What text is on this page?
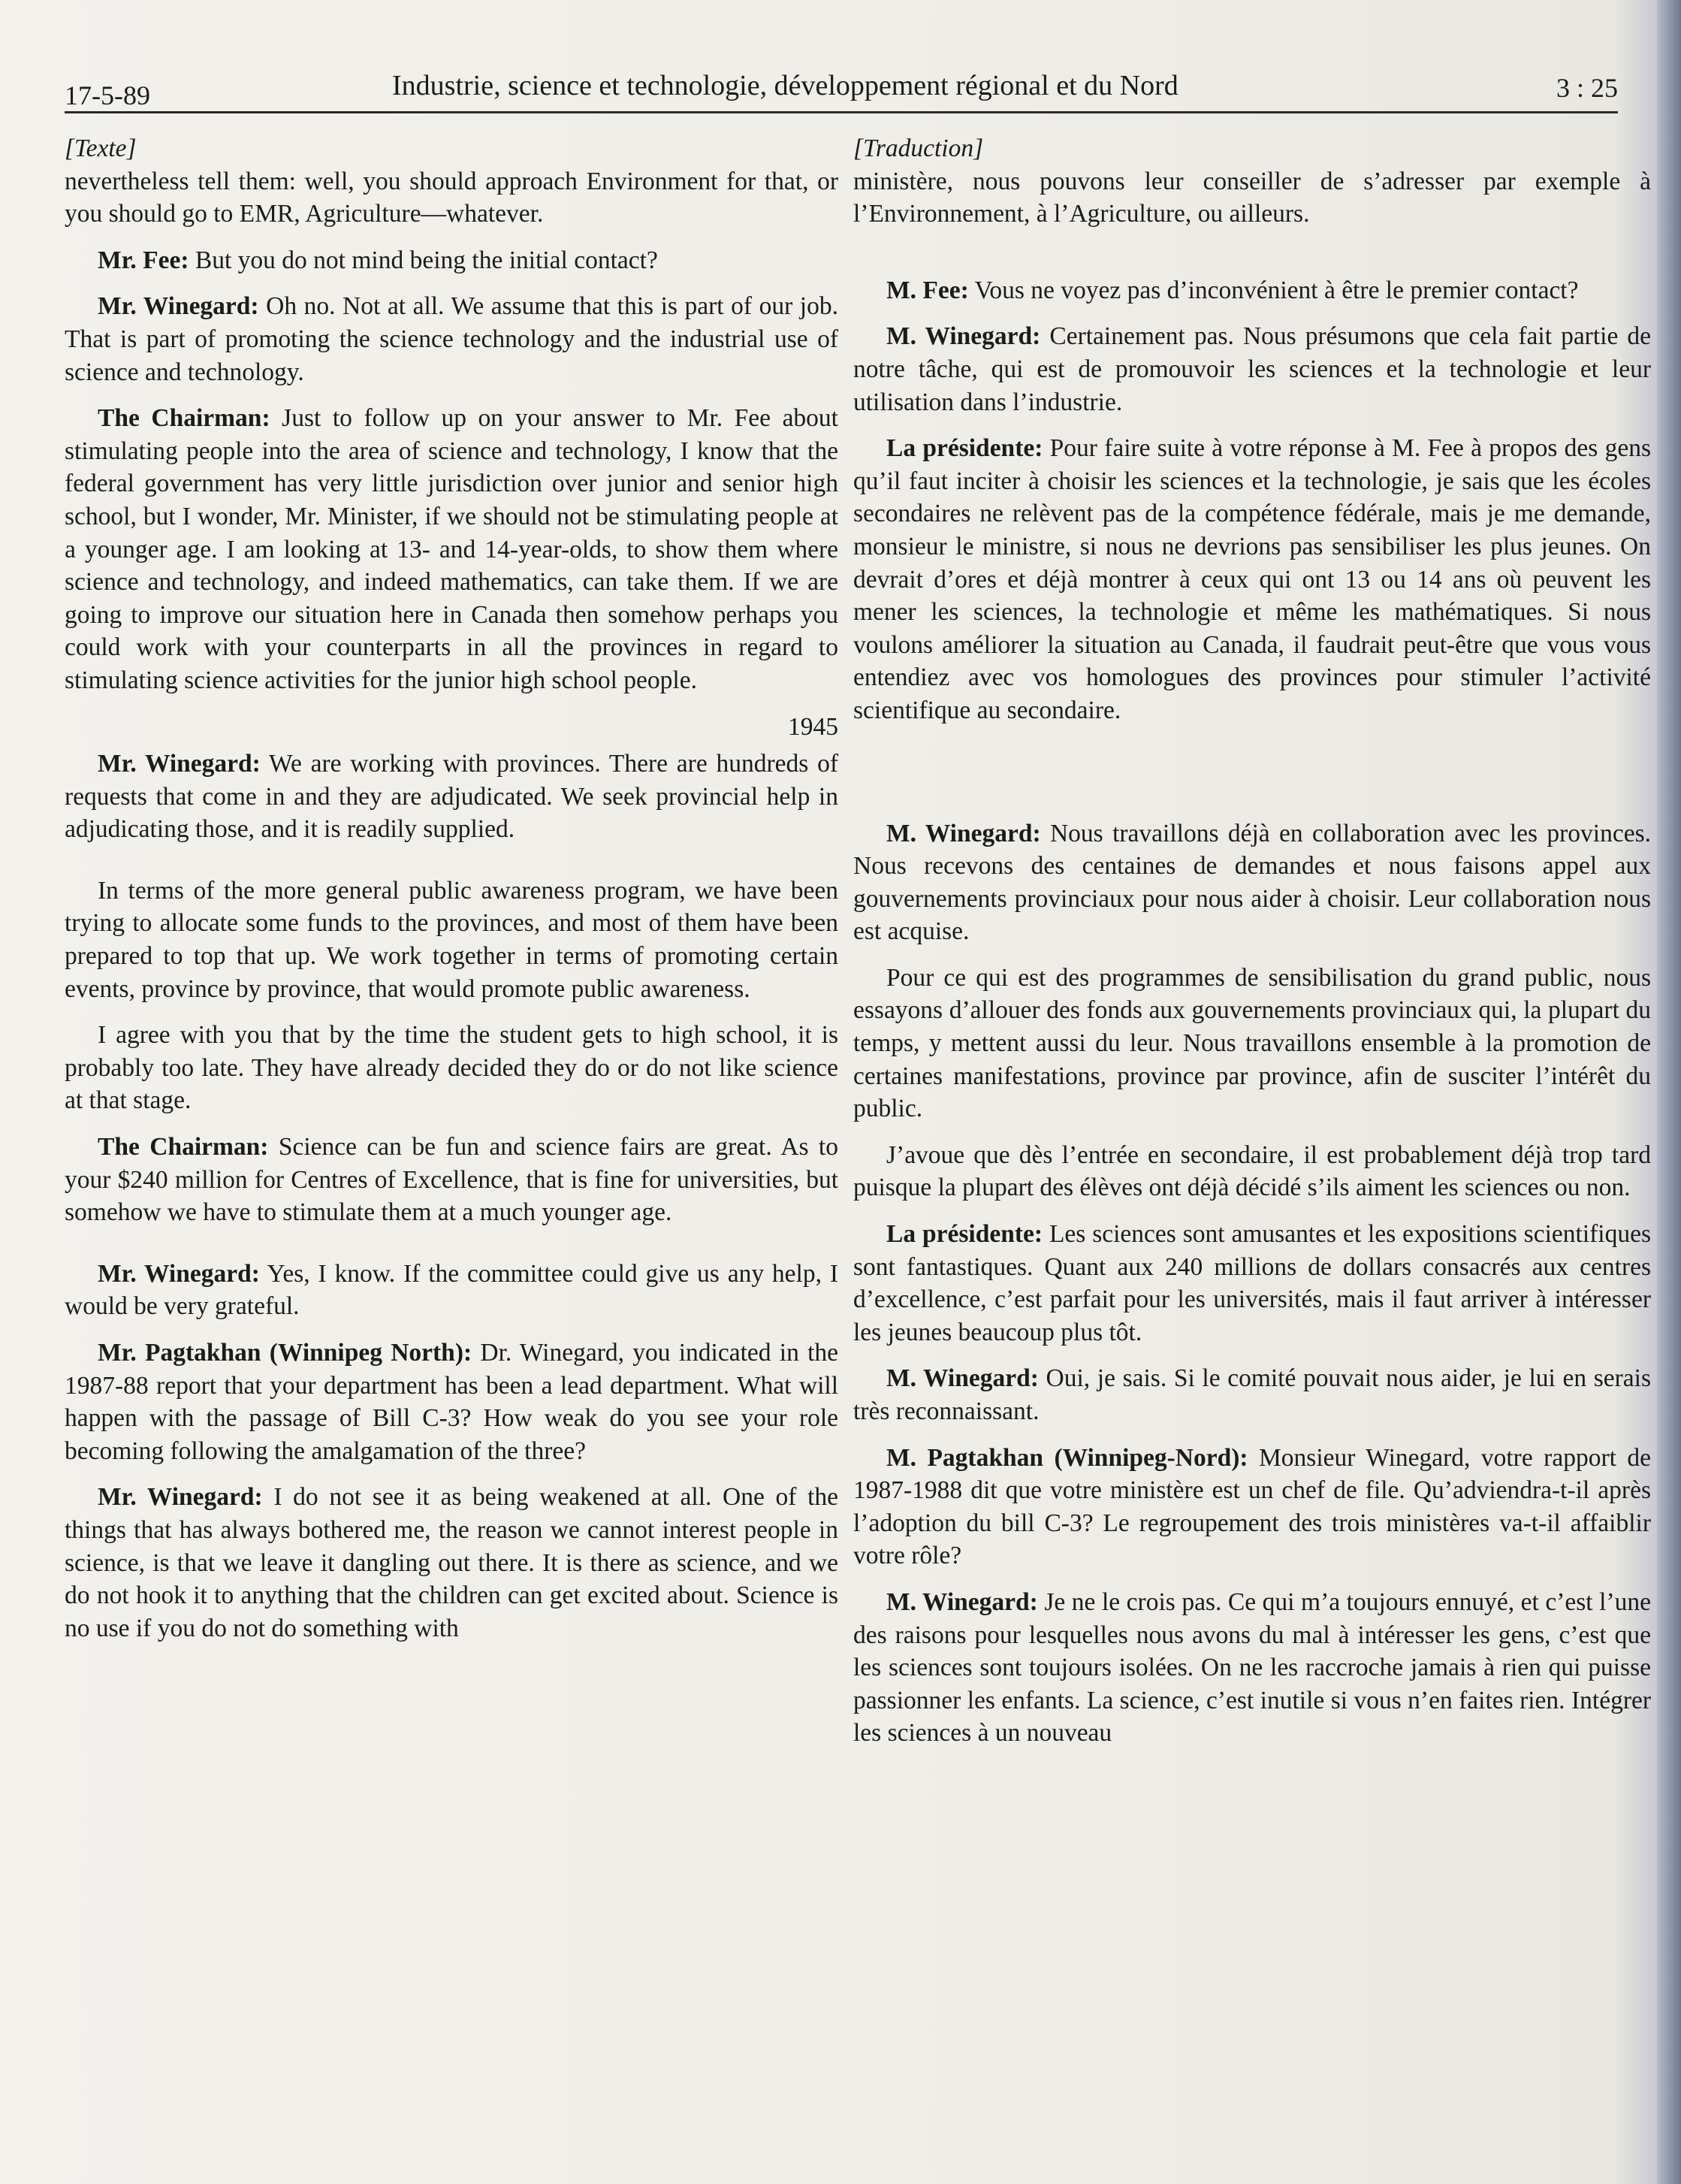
17-5-89	Industrie, science et technologie, développement régional et du Nord	3 : 25

[Texte]

nevertheless tell them: well, you should approach Environment for that, or you should go to EMR, Agriculture—whatever.

Mr. Fee: But you do not mind being the initial contact?

Mr. Winegard: Oh no. Not at all. We assume that this is part of our job. That is part of promoting the science technology and the industrial use of science and technology.

The Chairman: Just to follow up on your answer to Mr. Fee about stimulating people into the area of science and technology, I know that the federal government has very little jurisdiction over junior and senior high school, but I wonder, Mr. Minister, if we should not be stimulating people at a younger age. I am looking at 13- and 14-year-olds, to show them where science and technology, and indeed mathematics, can take them. If we are going to improve our situation here in Canada then somehow perhaps you could work with your counterparts in all the provinces in regard to stimulating science activities for the junior high school people.

1945

Mr. Winegard: We are working with provinces. There are hundreds of requests that come in and they are adjudicated. We seek provincial help in adjudicating those, and it is readily supplied.

In terms of the more general public awareness program, we have been trying to allocate some funds to the provinces, and most of them have been prepared to top that up. We work together in terms of promoting certain events, province by province, that would promote public awareness.

I agree with you that by the time the student gets to high school, it is probably too late. They have already decided they do or do not like science at that stage.

The Chairman: Science can be fun and science fairs are great. As to your $240 million for Centres of Excellence, that is fine for universities, but somehow we have to stimulate them at a much younger age.

Mr. Winegard: Yes, I know. If the committee could give us any help, I would be very grateful.

Mr. Pagtakhan (Winnipeg North): Dr. Winegard, you indicated in the 1987-88 report that your department has been a lead department. What will happen with the passage of Bill C-3? How weak do you see your role becoming following the amalgamation of the three?

Mr. Winegard: I do not see it as being weakened at all. One of the things that has always bothered me, the reason we cannot interest people in science, is that we leave it dangling out there. It is there as science, and we do not hook it to anything that the children can get excited about. Science is no use if you do not do something with

[Traduction]

ministère, nous pouvons leur conseiller de s’adresser par exemple à l’Environnement, à l’Agriculture, ou ailleurs.

M. Fee: Vous ne voyez pas d’inconvénient à être le premier contact?

M. Winegard: Certainement pas. Nous présumons que cela fait partie de notre tâche, qui est de promouvoir les sciences et la technologie et leur utilisation dans l’industrie.

La présidente: Pour faire suite à votre réponse à M. Fee à propos des gens qu’il faut inciter à choisir les sciences et la technologie, je sais que les écoles secondaires ne relèvent pas de la compétence fédérale, mais je me demande, monsieur le ministre, si nous ne devrions pas sensibiliser les plus jeunes. On devrait d’ores et déjà montrer à ceux qui ont 13 ou 14 ans où peuvent les mener les sciences, la technologie et même les mathématiques. Si nous voulons améliorer la situation au Canada, il faudrait peut-être que vous vous entendiez avec vos homologues des provinces pour stimuler l’activité scientifique au secondaire.

M. Winegard: Nous travaillons déjà en collaboration avec les provinces. Nous recevons des centaines de demandes et nous faisons appel aux gouvernements provinciaux pour nous aider à choisir. Leur collaboration nous est acquise.

Pour ce qui est des programmes de sensibilisation du grand public, nous essayons d’allouer des fonds aux gouvernements provinciaux qui, la plupart du temps, y mettent aussi du leur. Nous travaillons ensemble à la promotion de certaines manifestations, province par province, afin de susciter l’intérêt du public.

J’avoue que dès l’entrée en secondaire, il est probablement déjà trop tard puisque la plupart des élèves ont déjà décidé s’ils aiment les sciences ou non.

La présidente: Les sciences sont amusantes et les expositions scientifiques sont fantastiques. Quant aux 240 millions de dollars consacrés aux centres d’excellence, c’est parfait pour les universités, mais il faut arriver à intéresser les jeunes beaucoup plus tôt.

M. Winegard: Oui, je sais. Si le comité pouvait nous aider, je lui en serais très reconnaissant.

M. Pagtakhan (Winnipeg-Nord): Monsieur Winegard, votre rapport de 1987-1988 dit que votre ministère est un chef de file. Qu’adviendra-t-il après l’adoption du bill C-3? Le regroupement des trois ministères va-t-il affaiblir votre rôle?

M. Winegard: Je ne le crois pas. Ce qui m’a toujours ennuyé, et c’est l’une des raisons pour lesquelles nous avons du mal à intéresser les gens, c’est que les sciences sont toujours isolées. On ne les raccroche jamais à rien qui puisse passionner les enfants. La science, c’est inutile si vous n’en faites rien. Intégrer les sciences à un nouveau
